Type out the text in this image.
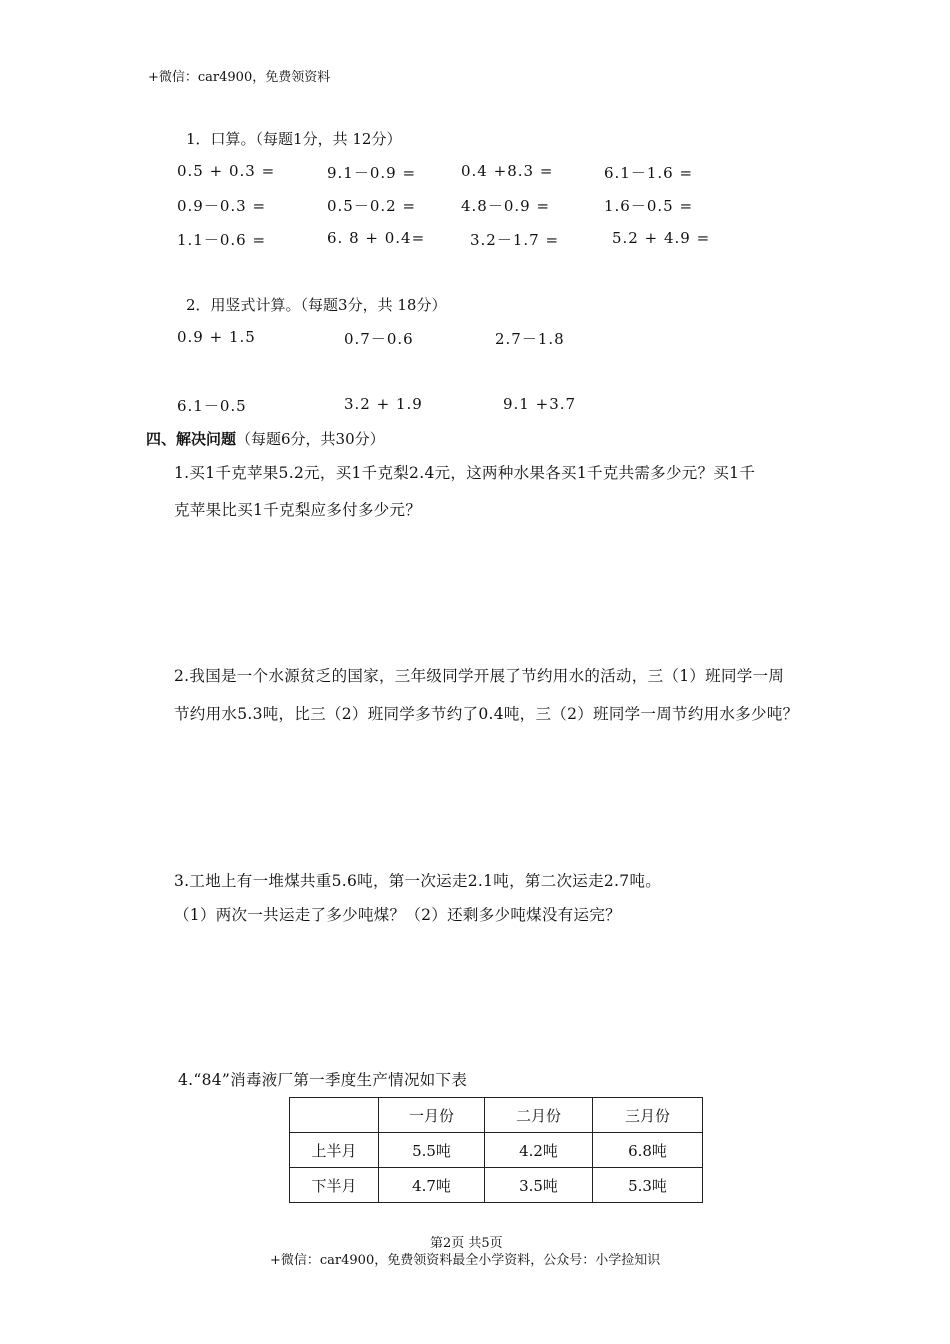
+微信：car4900，免费领资料
1．口算。（每题1分，共 12分）
0.5 + 0.3 =	9.1－0.9 =	0.4 +8.3 =	6.1－1.6 =
0.9－0.3 =	0.5－0.2 =	4.8－0.9 =	1.6－0.5 =
1.1－0.6 =	6. 8 + 0.4=	3.2－1.7 =	5.2 + 4.9 =
2．用竖式计算。（每题3分，共 18分）
0.9 + 1.5	0.7－0.6	2.7－1.8
6.1－0.5	3.2 + 1.9	9.1 +3.7
四、解决问题（每题6分，共30分）
1.买1千克苹果5.2元，买1千克梨2.4元，这两种水果各买1千克共需多少元？买1千
克苹果比买1千克梨应多付多少元？
2.我国是一个水源贫乏的国家，三年级同学开展了节约用水的活动，三（1）班同学一周
节约用水5.3吨，比三（2）班同学多节约了0.4吨，三（2）班同学一周节约用水多少吨？
3.工地上有一堆煤共重5.6吨，第一次运走2.1吨，第二次运走2.7吨。
（1）两次一共运走了多少吨煤？（2）还剩多少吨煤没有运完？
4.“84”消毒液厂第一季度生产情况如下表
	一月份	二月份	三月份
上半月	5.5吨	4.2吨	6.8吨
下半月	4.7吨	3.5吨	5.3吨
第2页 共5页
+微信：car4900，免费领资料最全小学资料，公众号：小学捡知识
